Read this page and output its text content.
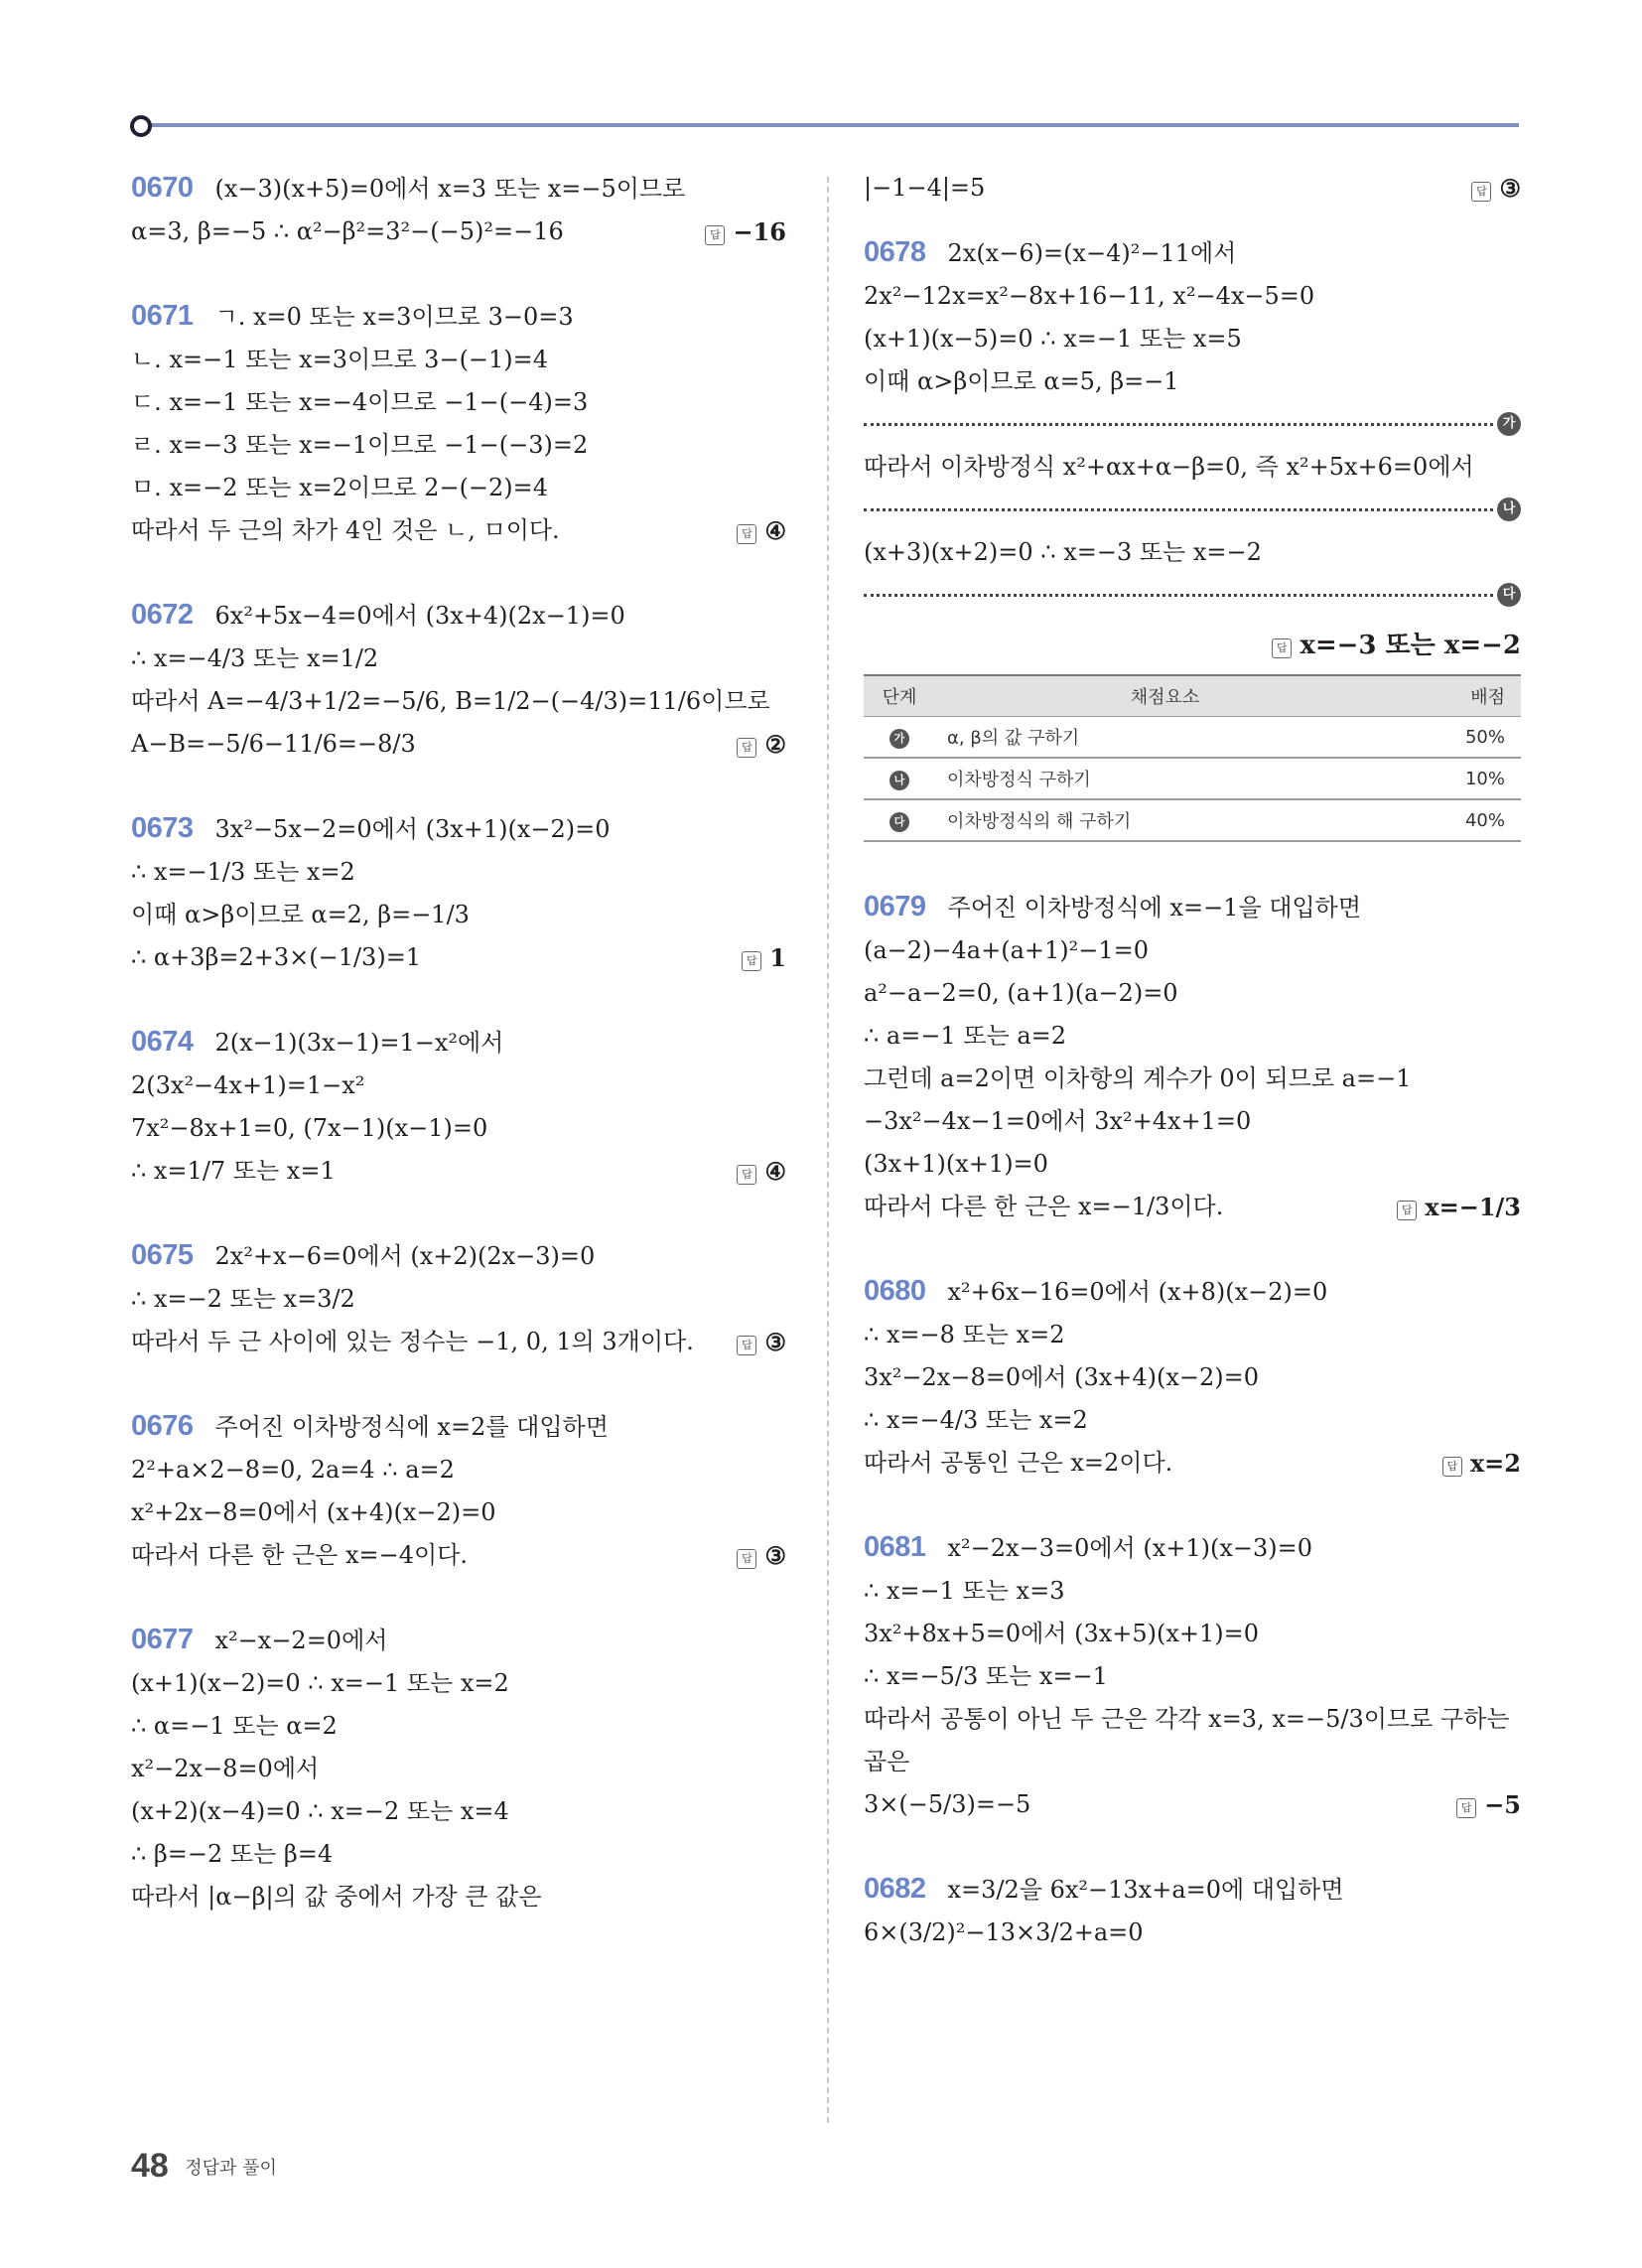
0670 (x−3)(x+5)=0에서 x=3 또는 x=−5이므로
α=3, β=−5 ∴ α²−β²=3²−(−5)²=−16	답 −16
0671 ㄱ. x=0 또는 x=3이므로 3−0=3
ㄴ. x=−1 또는 x=3이므로 3−(−1)=4
ㄷ. x=−1 또는 x=−4이므로 −1−(−4)=3
ㄹ. x=−3 또는 x=−1이므로 −1−(−3)=2
ㅁ. x=−2 또는 x=2이므로 2−(−2)=4
따라서 두 근의 차가 4인 것은 ㄴ, ㅁ이다.	답 ④
0672 6x²+5x−4=0에서 (3x+4)(2x−1)=0
∴ x=−4/3 또는 x=1/2
따라서 A=−4/3+1/2=−5/6, B=1/2−(−4/3)=11/6이므로
A−B=−5/6−11/6=−8/3	답 ②
0673 3x²−5x−2=0에서 (3x+1)(x−2)=0
∴ x=−1/3 또는 x=2
이때 α>β이므로 α=2, β=−1/3
∴ α+3β=2+3×(−1/3)=1	답 1
0674 2(x−1)(3x−1)=1−x²에서
2(3x²−4x+1)=1−x²
7x²−8x+1=0, (7x−1)(x−1)=0
∴ x=1/7 또는 x=1	답 ④
0675 2x²+x−6=0에서 (x+2)(2x−3)=0
∴ x=−2 또는 x=3/2
따라서 두 근 사이에 있는 정수는 −1, 0, 1의 3개이다.	답 ③
0676 주어진 이차방정식에 x=2를 대입하면
2²+a×2−8=0, 2a=4 ∴ a=2
x²+2x−8=0에서 (x+4)(x−2)=0
따라서 다른 한 근은 x=−4이다.	답 ③
0677 x²−x−2=0에서
(x+1)(x−2)=0 ∴ x=−1 또는 x=2
∴ α=−1 또는 α=2
x²−2x−8=0에서
(x+2)(x−4)=0 ∴ x=−2 또는 x=4
∴ β=−2 또는 β=4
따라서 |α−β|의 값 중에서 가장 큰 값은
|−1−4|=5	답 ③
0678 2x(x−6)=(x−4)²−11에서
2x²−12x=x²−8x+16−11, x²−4x−5=0
(x+1)(x−5)=0 ∴ x=−1 또는 x=5
이때 α>β이므로 α=5, β=−1
가
따라서 이차방정식 x²+αx+α−β=0, 즉 x²+5x+6=0에서
나
(x+3)(x+2)=0 ∴ x=−3 또는 x=−2
다
답 x=−3 또는 x=−2
단계	채점요소	배점
가	α, β의 값 구하기	50%
나	이차방정식 구하기	10%
다	이차방정식의 해 구하기	40%
0679 주어진 이차방정식에 x=−1을 대입하면
(a−2)−4a+(a+1)²−1=0
a²−a−2=0, (a+1)(a−2)=0
∴ a=−1 또는 a=2
그런데 a=2이면 이차항의 계수가 0이 되므로 a=−1
−3x²−4x−1=0에서 3x²+4x+1=0
(3x+1)(x+1)=0
따라서 다른 한 근은 x=−1/3이다.	답 x=−1/3
0680 x²+6x−16=0에서 (x+8)(x−2)=0
∴ x=−8 또는 x=2
3x²−2x−8=0에서 (3x+4)(x−2)=0
∴ x=−4/3 또는 x=2
따라서 공통인 근은 x=2이다.	답 x=2
0681 x²−2x−3=0에서 (x+1)(x−3)=0
∴ x=−1 또는 x=3
3x²+8x+5=0에서 (3x+5)(x+1)=0
∴ x=−5/3 또는 x=−1
따라서 공통이 아닌 두 근은 각각 x=3, x=−5/3이므로 구하는
곱은
3×(−5/3)=−5	답 −5
0682 x=3/2을 6x²−13x+a=0에 대입하면
6×(3/2)²−13×3/2+a=0
48 정답과 풀이
